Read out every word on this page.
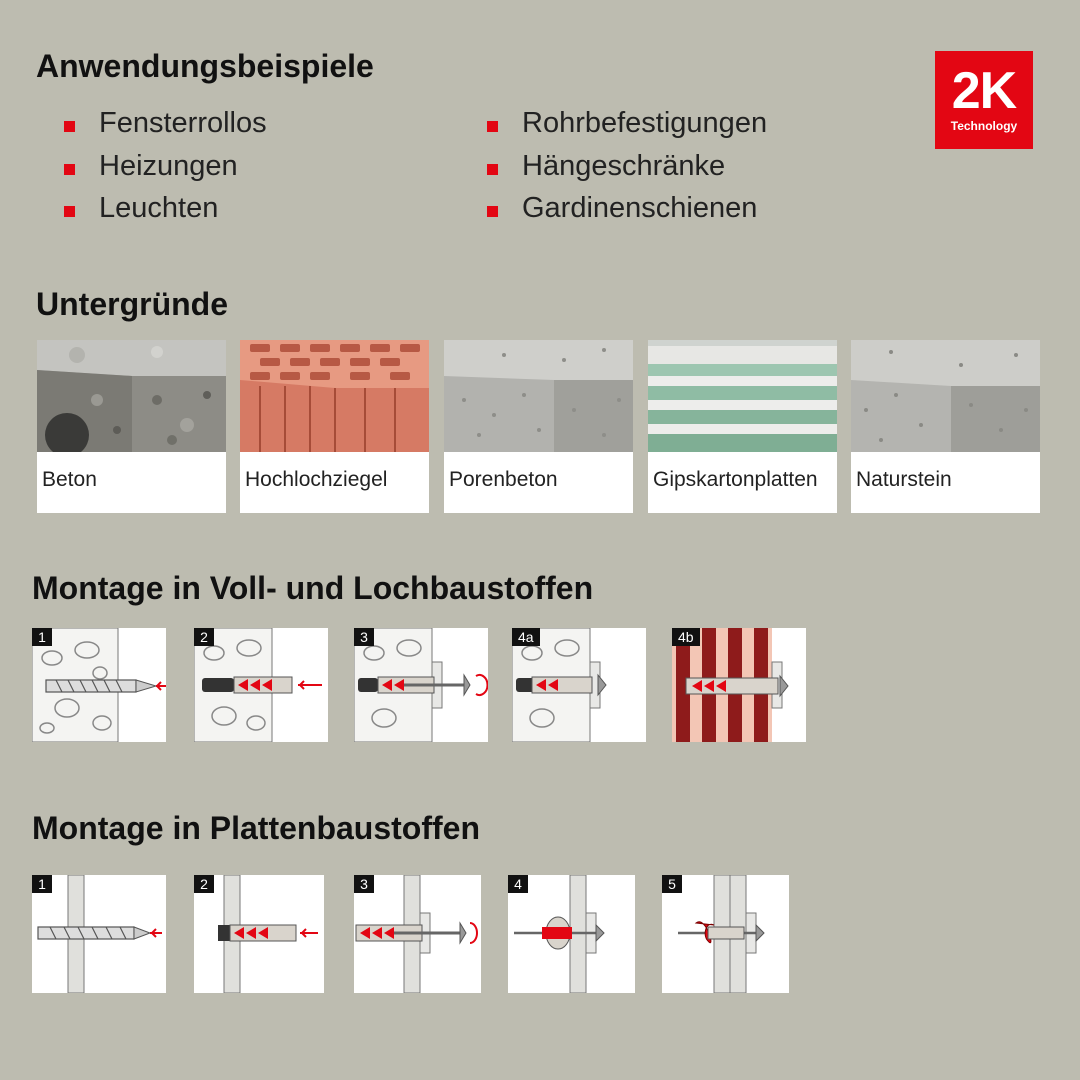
Anwendungsbeispiele
Fensterrollos
Heizungen
Leuchten
Rohrbefestigungen
Hängeschränke
Gardinenschienen
2K
Technology
Untergründe
Beton	Hochlochziegel	Porenbeton	Gipskartonplatten Naturstein
Montage in Voll- und Lochbaustoffen
1	2	3	4a	4b
Montage in Plattenbaustoffen
1	2	3	4	5
